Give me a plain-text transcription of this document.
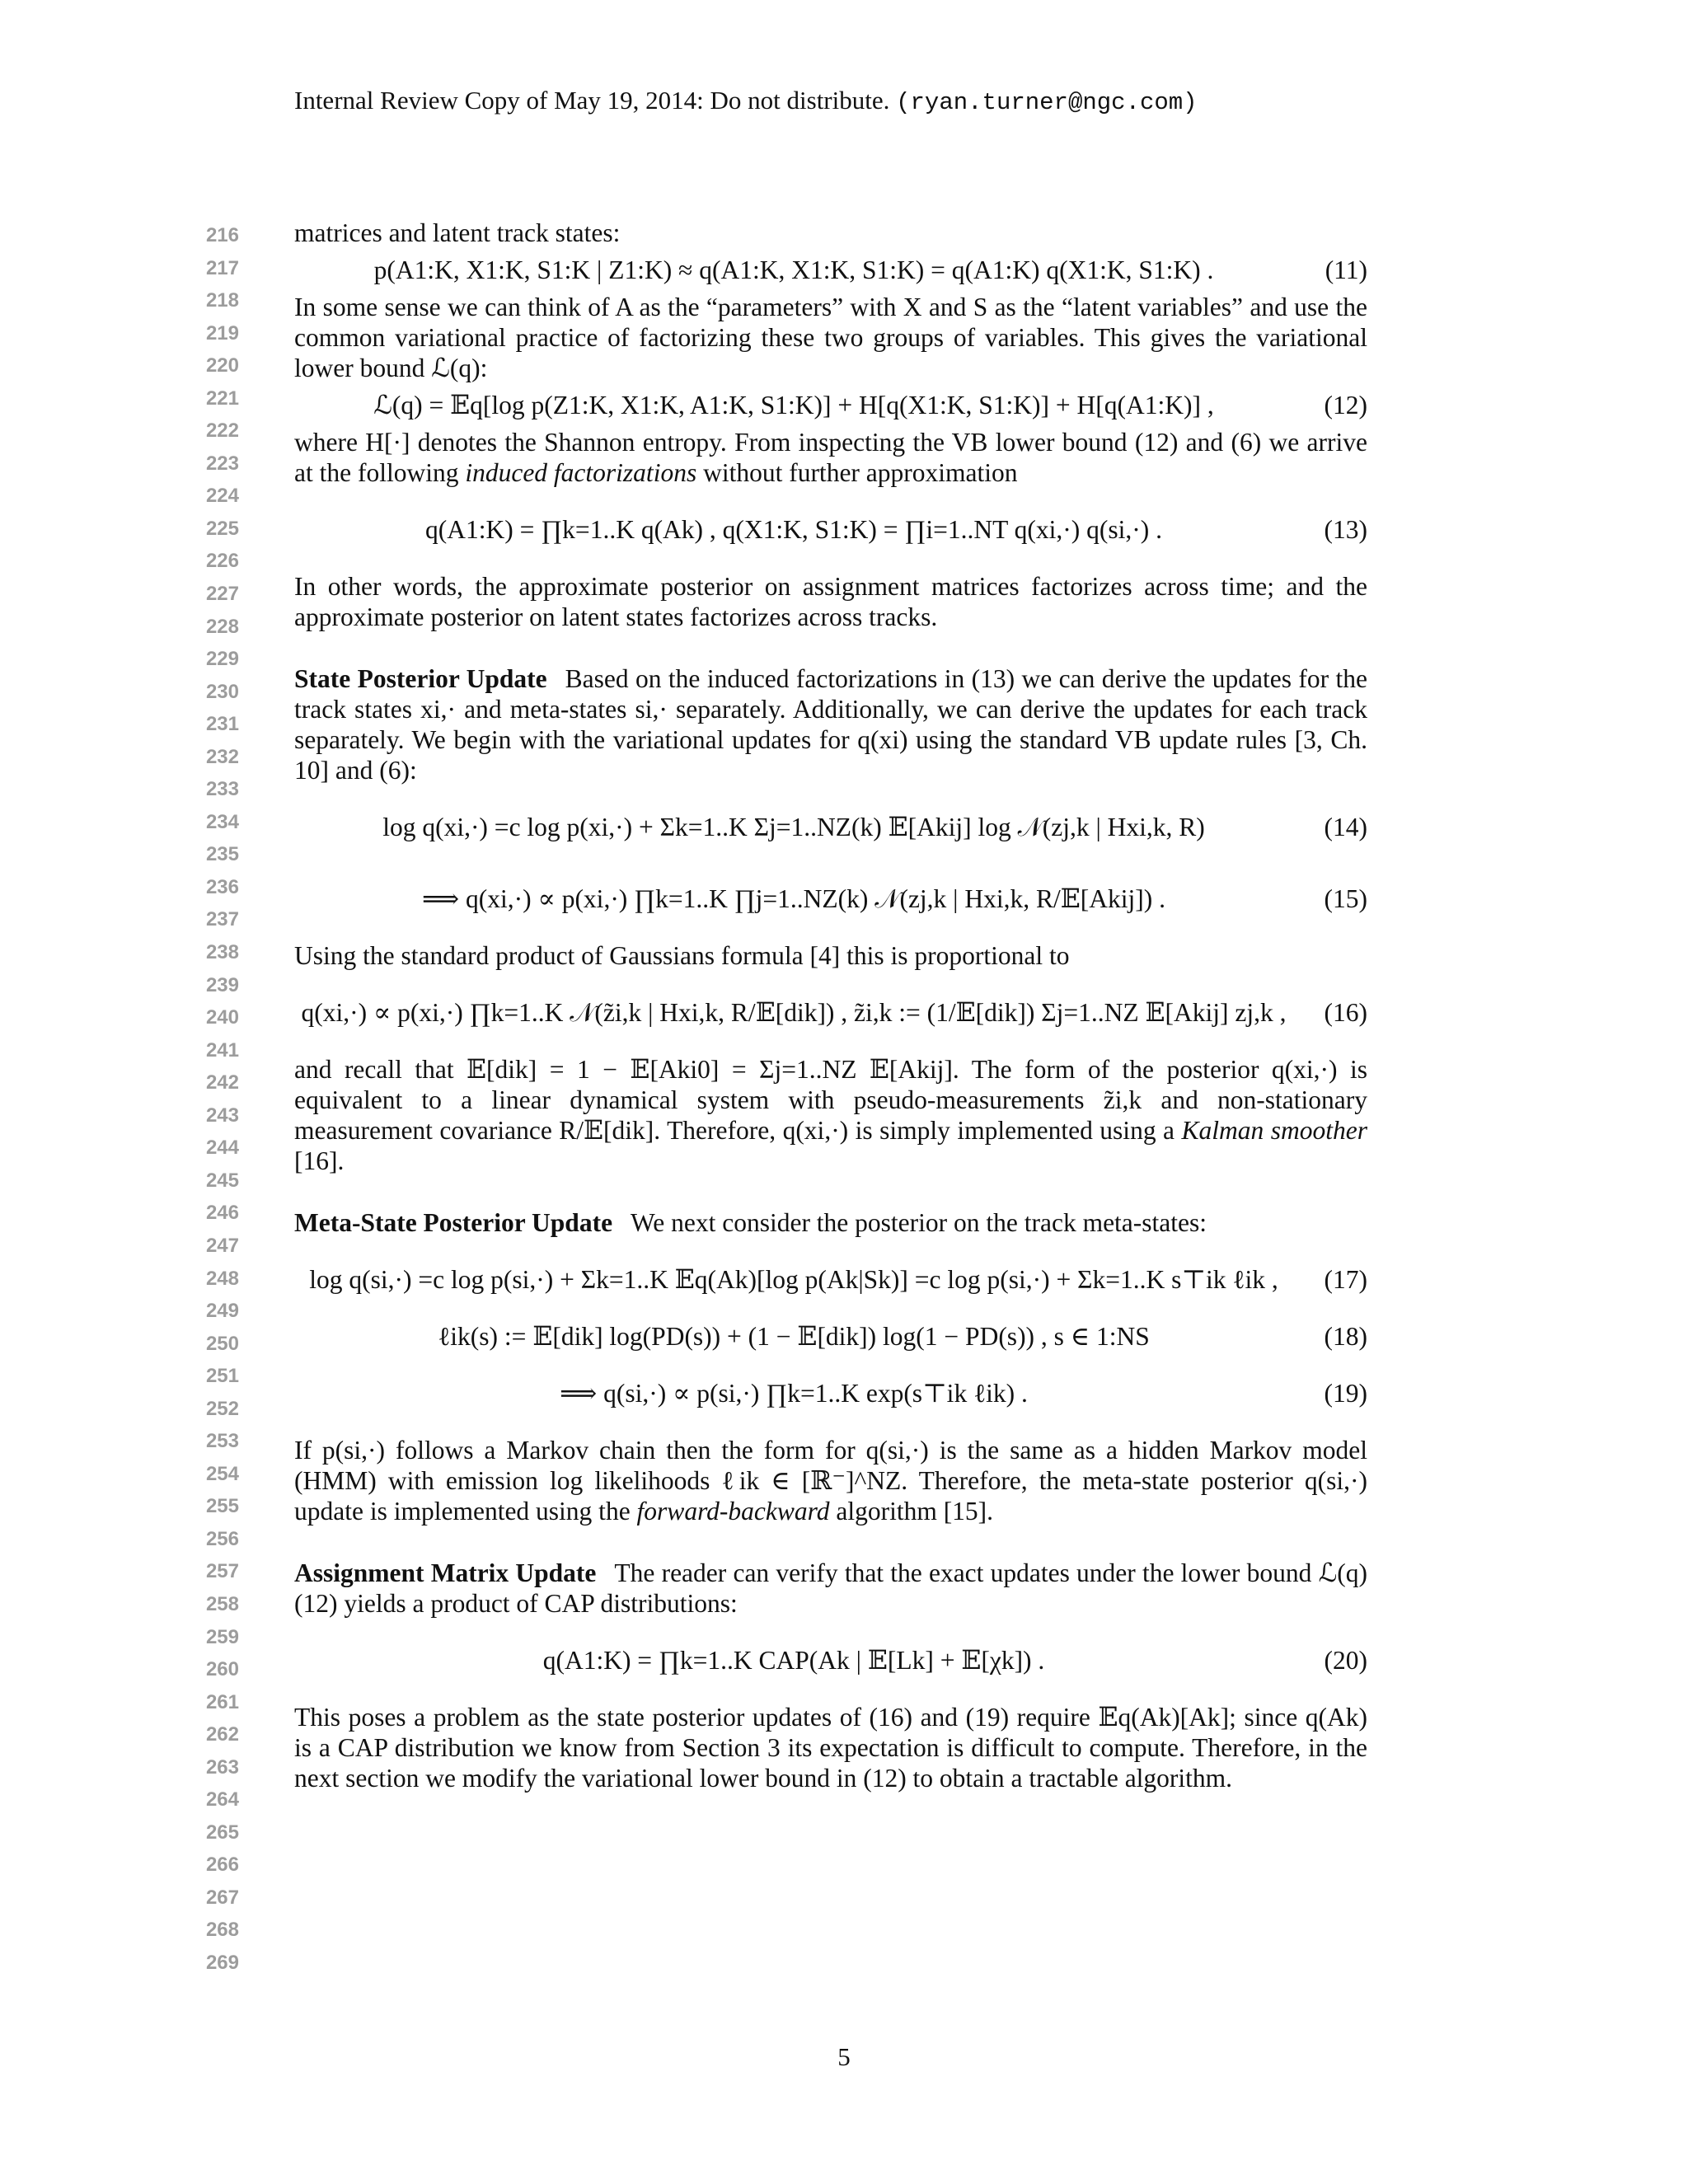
Internal Review Copy of May 19, 2014: Do not distribute. (ryan.turner@ngc.com)
216
217
218
219
220
221
222
223
224
225
226
227
228
229
230
231
232
233
234
235
236
237
238
239
240
241
242
243
244
245
246
247
248
249
250
251
252
253
254
255
256
257
258
259
260
261
262
263
264
265
266
267
268
269

matrices and latent track states:

p(A1:K, X1:K, S1:K | Z1:K) ≈ q(A1:K, X1:K, S1:K) = q(A1:K) q(X1:K, S1:K) .	(11)

In some sense we can think of A as the “parameters” with X and S as the “latent variables” and use the common variational practice of factorizing these two groups of variables. This gives the variational lower bound ℒ(q):

ℒ(q) = 𝔼q[log p(Z1:K, X1:K, A1:K, S1:K)] + H[q(X1:K, S1:K)] + H[q(A1:K)] ,	(12)

where H[·] denotes the Shannon entropy. From inspecting the VB lower bound (12) and (6) we arrive at the following induced factorizations without further approximation

q(A1:K) = ∏k=1..K q(Ak) , q(X1:K, S1:K) = ∏i=1..NT q(xi,·) q(si,·) .	(13)

In other words, the approximate posterior on assignment matrices factorizes across time; and the approximate posterior on latent states factorizes across tracks.

State Posterior Update Based on the induced factorizations in (13) we can derive the updates for the track states xi,· and meta-states si,· separately. Additionally, we can derive the updates for each track separately. We begin with the variational updates for q(xi) using the standard VB update rules [3, Ch. 10] and (6):

log q(xi,·) =c log p(xi,·) + Σk=1..K Σj=1..NZ(k) 𝔼[Akij] log 𝒩(zj,k | Hxi,k, R)	(14)
⟹ q(xi,·) ∝ p(xi,·) ∏k=1..K ∏j=1..NZ(k) 𝒩(zj,k | Hxi,k, R/𝔼[Akij]) .	(15)

Using the standard product of Gaussians formula [4] this is proportional to

q(xi,·) ∝ p(xi,·) ∏k=1..K 𝒩(z̃i,k | Hxi,k, R/𝔼[dik]) , z̃i,k := (1/𝔼[dik]) Σj=1..NZ 𝔼[Akij] zj,k ,	(16)

and recall that 𝔼[dik] = 1 − 𝔼[Aki0] = Σj=1..NZ 𝔼[Akij]. The form of the posterior q(xi,·) is equivalent to a linear dynamical system with pseudo-measurements z̃i,k and non-stationary measurement covariance R/𝔼[dik]. Therefore, q(xi,·) is simply implemented using a Kalman smoother [16].

Meta-State Posterior Update We next consider the posterior on the track meta-states:

log q(si,·) =c log p(si,·) + Σk=1..K 𝔼q(Ak)[log p(Ak|Sk)] =c log p(si,·) + Σk=1..K s⊤ik ℓik ,	(17)
ℓik(s) := 𝔼[dik] log(PD(s)) + (1 − 𝔼[dik]) log(1 − PD(s)) , s ∈ 1:NS	(18)
⟹ q(si,·) ∝ p(si,·) ∏k=1..K exp(s⊤ik ℓik) .	(19)

If p(si,·) follows a Markov chain then the form for q(si,·) is the same as a hidden Markov model (HMM) with emission log likelihoods ℓik ∈ [ℝ⁻]^NZ. Therefore, the meta-state posterior q(si,·) update is implemented using the forward-backward algorithm [15].

Assignment Matrix Update The reader can verify that the exact updates under the lower bound ℒ(q) (12) yields a product of CAP distributions:

q(A1:K) = ∏k=1..K CAP(Ak | 𝔼[Lk] + 𝔼[χk]) .	(20)

This poses a problem as the state posterior updates of (16) and (19) require 𝔼q(Ak)[Ak]; since q(Ak) is a CAP distribution we know from Section 3 its expectation is difficult to compute. Therefore, in the next section we modify the variational lower bound in (12) to obtain a tractable algorithm.

5
